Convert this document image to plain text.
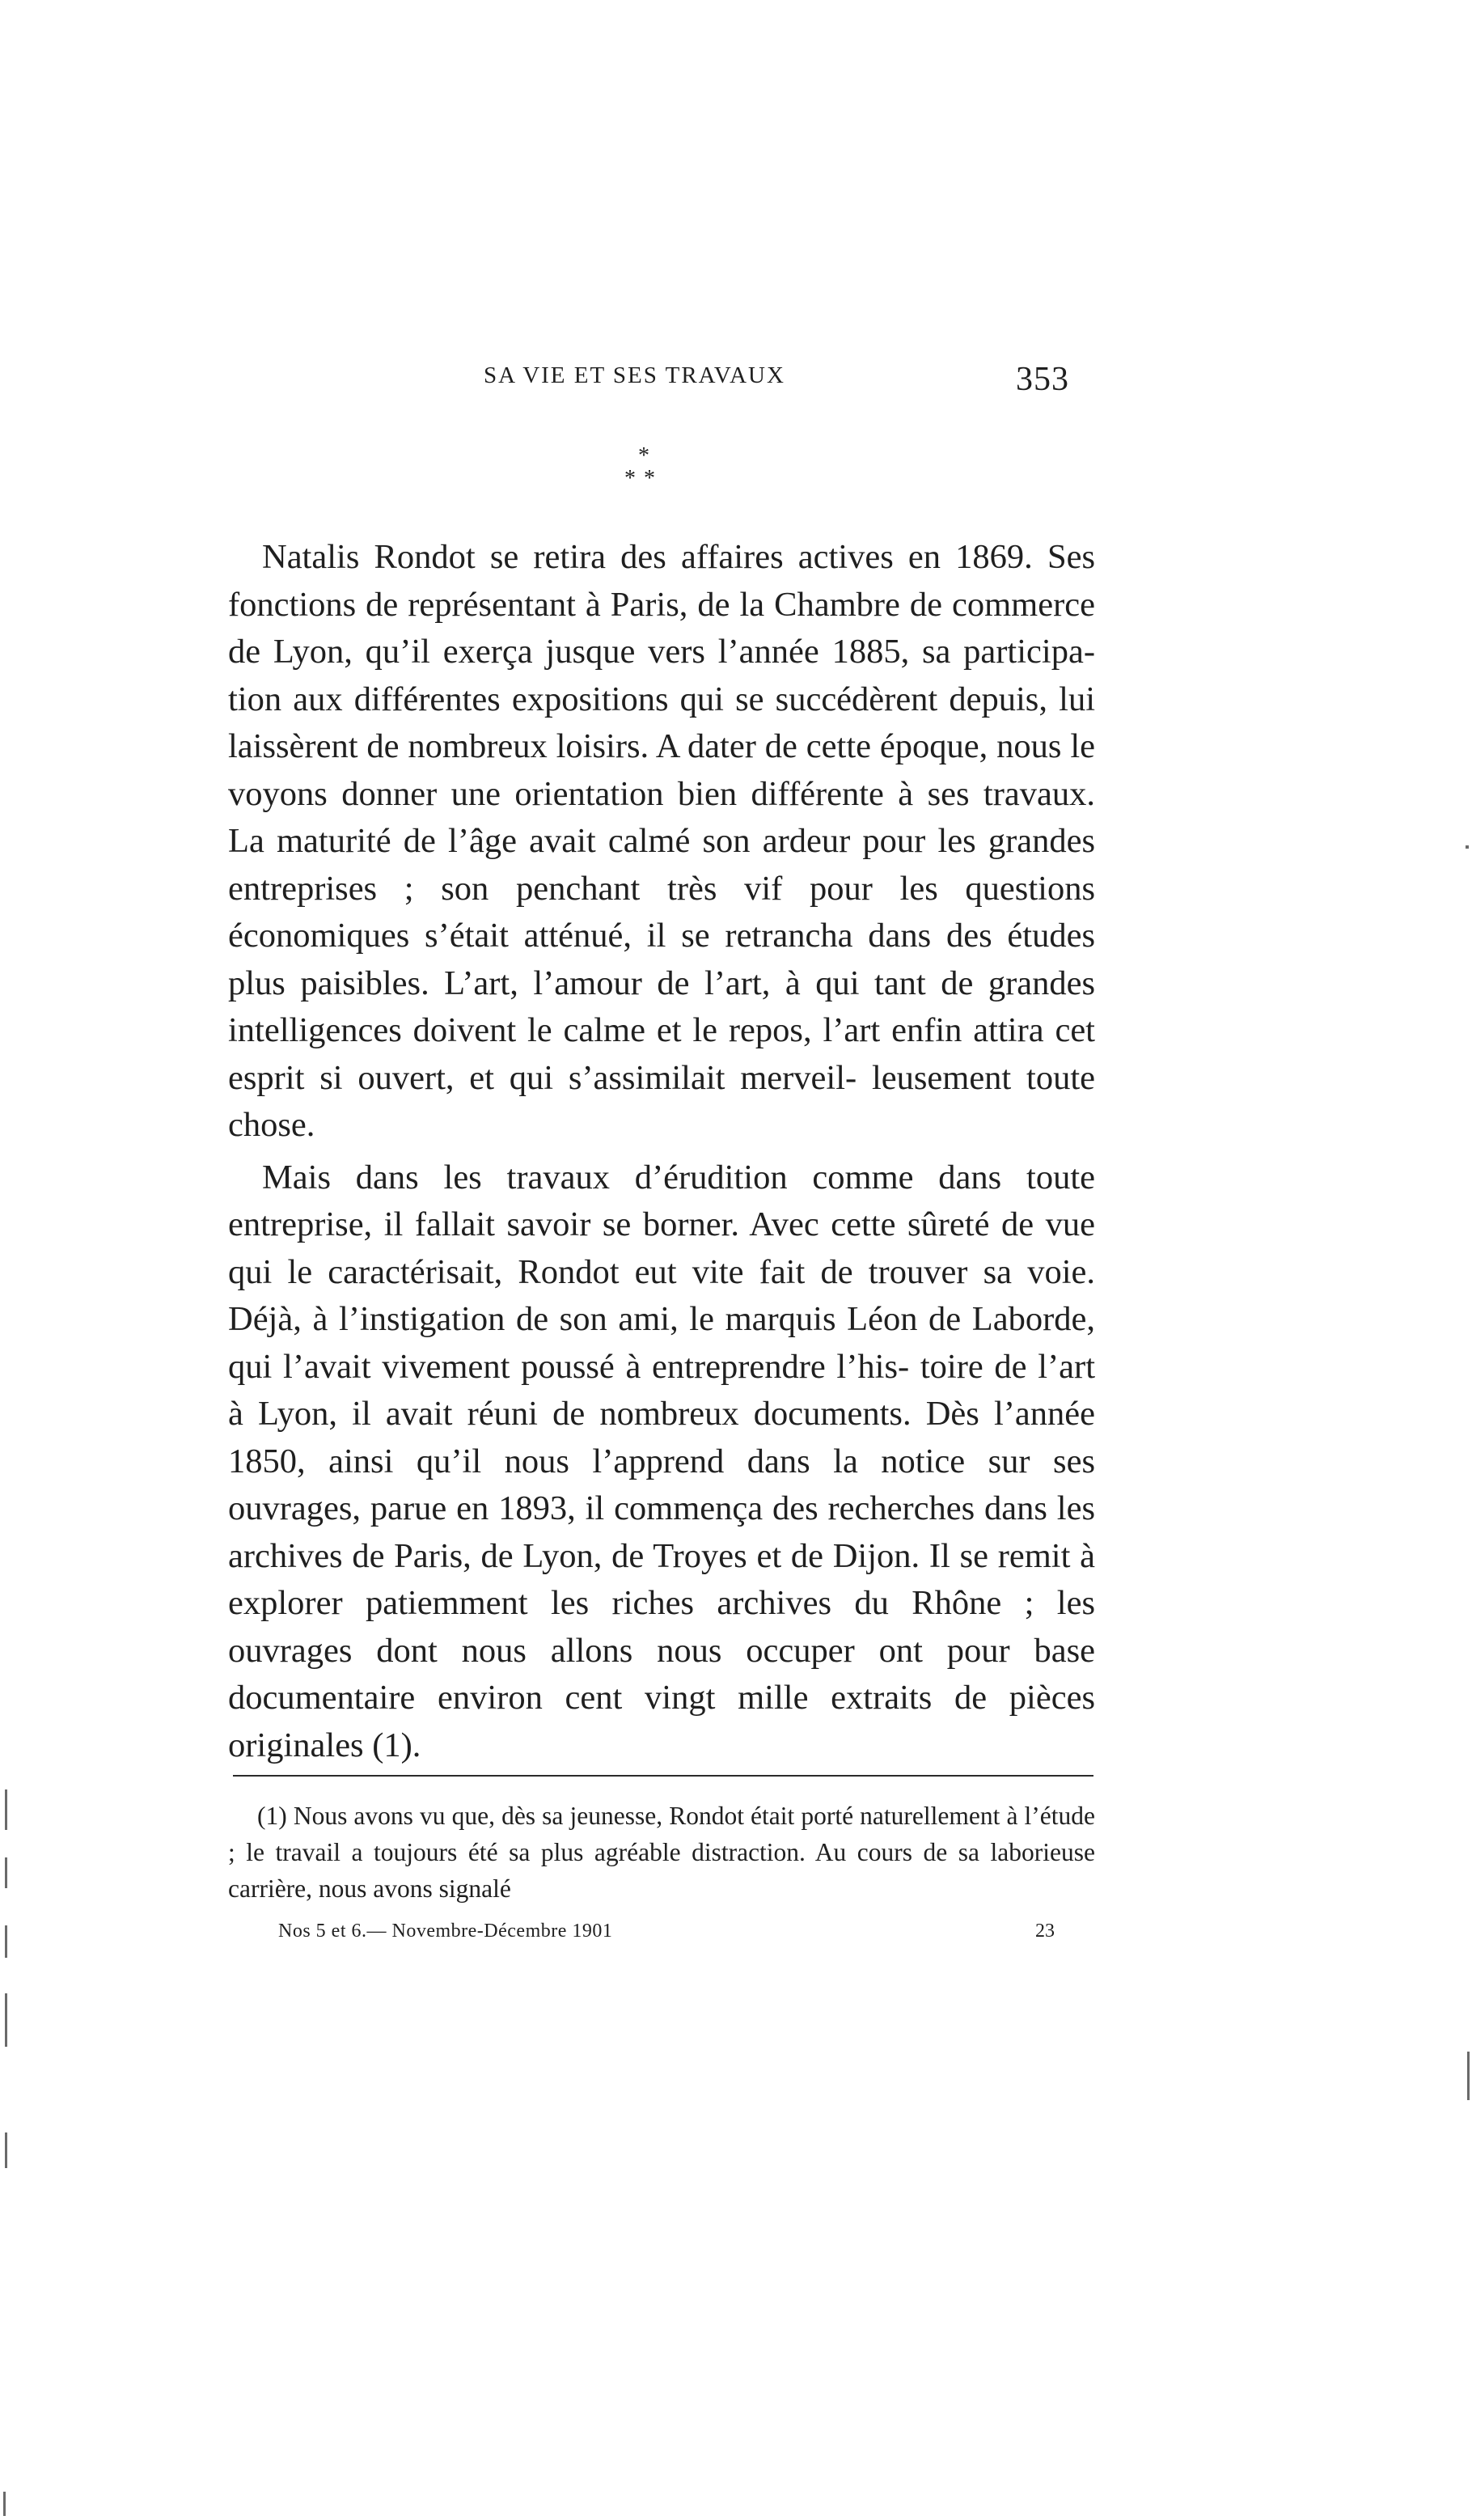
SA VIE ET SES TRAVAUX	353
*
**

Natalis Rondot se retira des affaires actives en 1869. Ses fonctions de représentant à Paris, de la Chambre de commerce de Lyon, qu’il exerça jusque vers l’année 1885, sa participa- tion aux différentes expositions qui se succédèrent depuis, lui laissèrent de nombreux loisirs. A dater de cette époque, nous le voyons donner une orientation bien différente à ses travaux. La maturité de l’âge avait calmé son ardeur pour les grandes entreprises ; son penchant très vif pour les questions économiques s’était atténué, il se retrancha dans des études plus paisibles. L’art, l’amour de l’art, à qui tant de grandes intelligences doivent le calme et le repos, l’art enfin attira cet esprit si ouvert, et qui s’assimilait merveil- leusement toute chose.

Mais dans les travaux d’érudition comme dans toute entreprise, il fallait savoir se borner. Avec cette sûreté de vue qui le caractérisait, Rondot eut vite fait de trouver sa voie. Déjà, à l’instigation de son ami, le marquis Léon de Laborde, qui l’avait vivement poussé à entreprendre l’his- toire de l’art à Lyon, il avait réuni de nombreux documents. Dès l’année 1850, ainsi qu’il nous l’apprend dans la notice sur ses ouvrages, parue en 1893, il commença des recherches dans les archives de Paris, de Lyon, de Troyes et de Dijon. Il se remit à explorer patiemment les riches archives du Rhône ; les ouvrages dont nous allons nous occuper ont pour base documentaire environ cent vingt mille extraits de pièces originales (1).

(1) Nous avons vu que, dès sa jeunesse, Rondot était porté naturellement à l’étude ; le travail a toujours été sa plus agréable distraction. Au cours de sa laborieuse carrière, nous avons signalé

Nos 5 et 6.— Novembre-Décembre 1901	23
